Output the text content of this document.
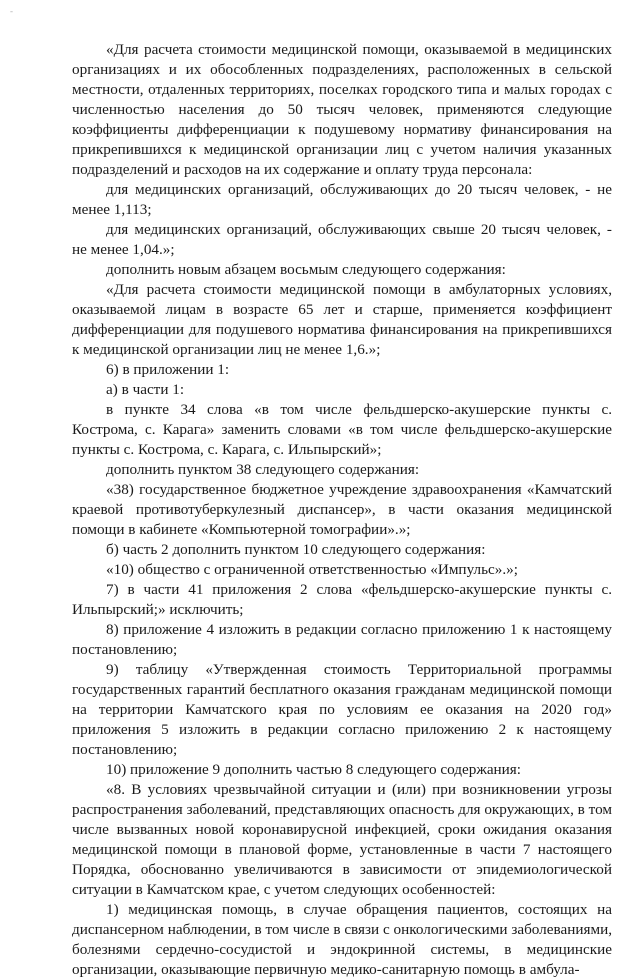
-

«Для расчета стоимости медицинской помощи, оказываемой в медицинских организациях и их обособленных подразделениях, расположенных в сельской местности, отдаленных территориях, поселках городского типа и малых городах с численностью населения до 50 тысяч человек, применяются следующие коэффициенты дифференциации к подушевому нормативу финансирования на прикрепившихся к медицинской организации лиц с учетом наличия указанных подразделений и расходов на их содержание и оплату труда персонала:

для медицинских организаций, обслуживающих до 20 тысяч человек, - не менее 1,113;

для медицинских организаций, обслуживающих свыше 20 тысяч человек, - не менее 1,04.»;

дополнить новым абзацем восьмым следующего содержания:

«Для расчета стоимости медицинской помощи в амбулаторных условиях, оказываемой лицам в возрасте 65 лет и старше, применяется коэффициент дифференциации для подушевого норматива финансирования на прикрепившихся к медицинской организации лиц не менее 1,6.»;

6) в приложении 1:

а) в части 1:

в пункте 34 слова «в том числе фельдшерско-акушерские пункты с. Кострома, с. Карага» заменить словами «в том числе фельдшерско-акушерские пункты с. Кострома, с. Карага, с. Ильпырский»;

дополнить пунктом 38 следующего содержания:

«38) государственное бюджетное учреждение здравоохранения «Камчатский краевой противотуберкулезный диспансер», в части оказания медицинской помощи в кабинете «Компьютерной томографии».»;

б) часть 2 дополнить пунктом 10 следующего содержания:

«10) общество с ограниченной ответственностью «Импульс».»;

7) в части 41 приложения 2 слова «фельдшерско-акушерские пункты с. Ильпырский;» исключить;

8) приложение 4 изложить в редакции согласно приложению 1 к настоящему постановлению;

9) таблицу «Утвержденная стоимость Территориальной программы государственных гарантий бесплатного оказания гражданам медицинской помощи на территории Камчатского края по условиям ее оказания на 2020 год» приложения 5 изложить в редакции согласно приложению 2 к настоящему постановлению;

10) приложение 9 дополнить частью 8 следующего содержания:

«8. В условиях чрезвычайной ситуации и (или) при возникновении угрозы распространения заболеваний, представляющих опасность для окружающих, в том числе вызванных новой коронавирусной инфекцией, сроки ожидания оказания медицинской помощи в плановой форме, установленные в части 7 настоящего Порядка, обоснованно увеличиваются в зависимости от эпидемиологической ситуации в Камчатском крае, с учетом следующих особенностей:

1) медицинская помощь, в случае обращения пациентов, состоящих на диспансерном наблюдении, в том числе в связи с онкологическими заболеваниями, болезнями сердечно-сосудистой и эндокринной системы, в медицинские организации, оказывающие первичную медико-санитарную помощь в амбула-
